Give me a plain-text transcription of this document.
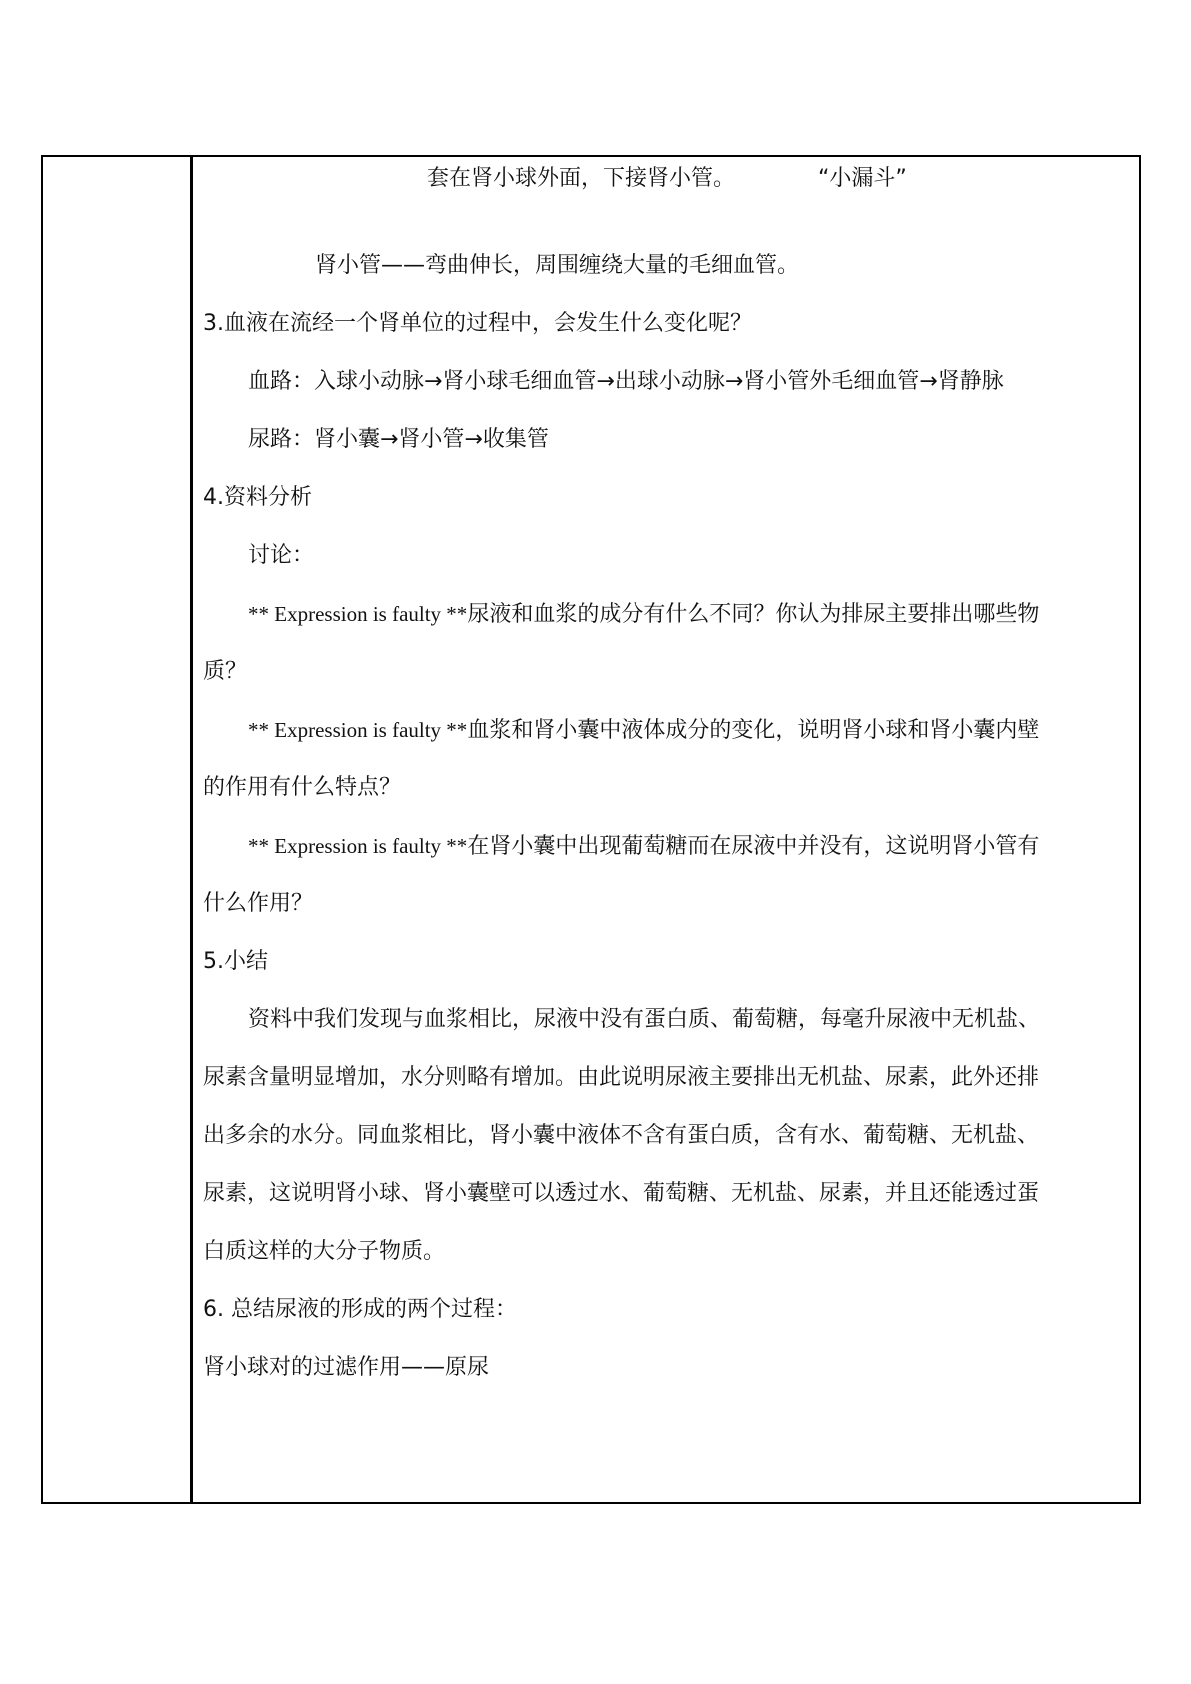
套在肾小球外面，下接肾小管。	“小漏斗”
肾小管——弯曲伸长，周围缠绕大量的毛细血管。
3.血液在流经一个肾单位的过程中，会发生什么变化呢？
血路：入球小动脉→肾小球毛细血管→出球小动脉→肾小管外毛细血管→肾静脉
尿路：肾小囊→肾小管→收集管
4.资料分析
讨论：
** Expression is faulty **尿液和血浆的成分有什么不同？你认为排尿主要排出哪些物
质？
** Expression is faulty **血浆和肾小囊中液体成分的变化，说明肾小球和肾小囊内壁
的作用有什么特点？
** Expression is faulty **在肾小囊中出现葡萄糖而在尿液中并没有，这说明肾小管有
什么作用？
5.小结
资料中我们发现与血浆相比，尿液中没有蛋白质、葡萄糖，每毫升尿液中无机盐、
尿素含量明显增加，水分则略有增加。由此说明尿液主要排出无机盐、尿素，此外还排
出多余的水分。同血浆相比，肾小囊中液体不含有蛋白质，含有水、葡萄糖、无机盐、
尿素，这说明肾小球、肾小囊壁可以透过水、葡萄糖、无机盐、尿素，并且还能透过蛋
白质这样的大分子物质。
6. 总结尿液的形成的两个过程：
肾小球对的过滤作用——原尿
